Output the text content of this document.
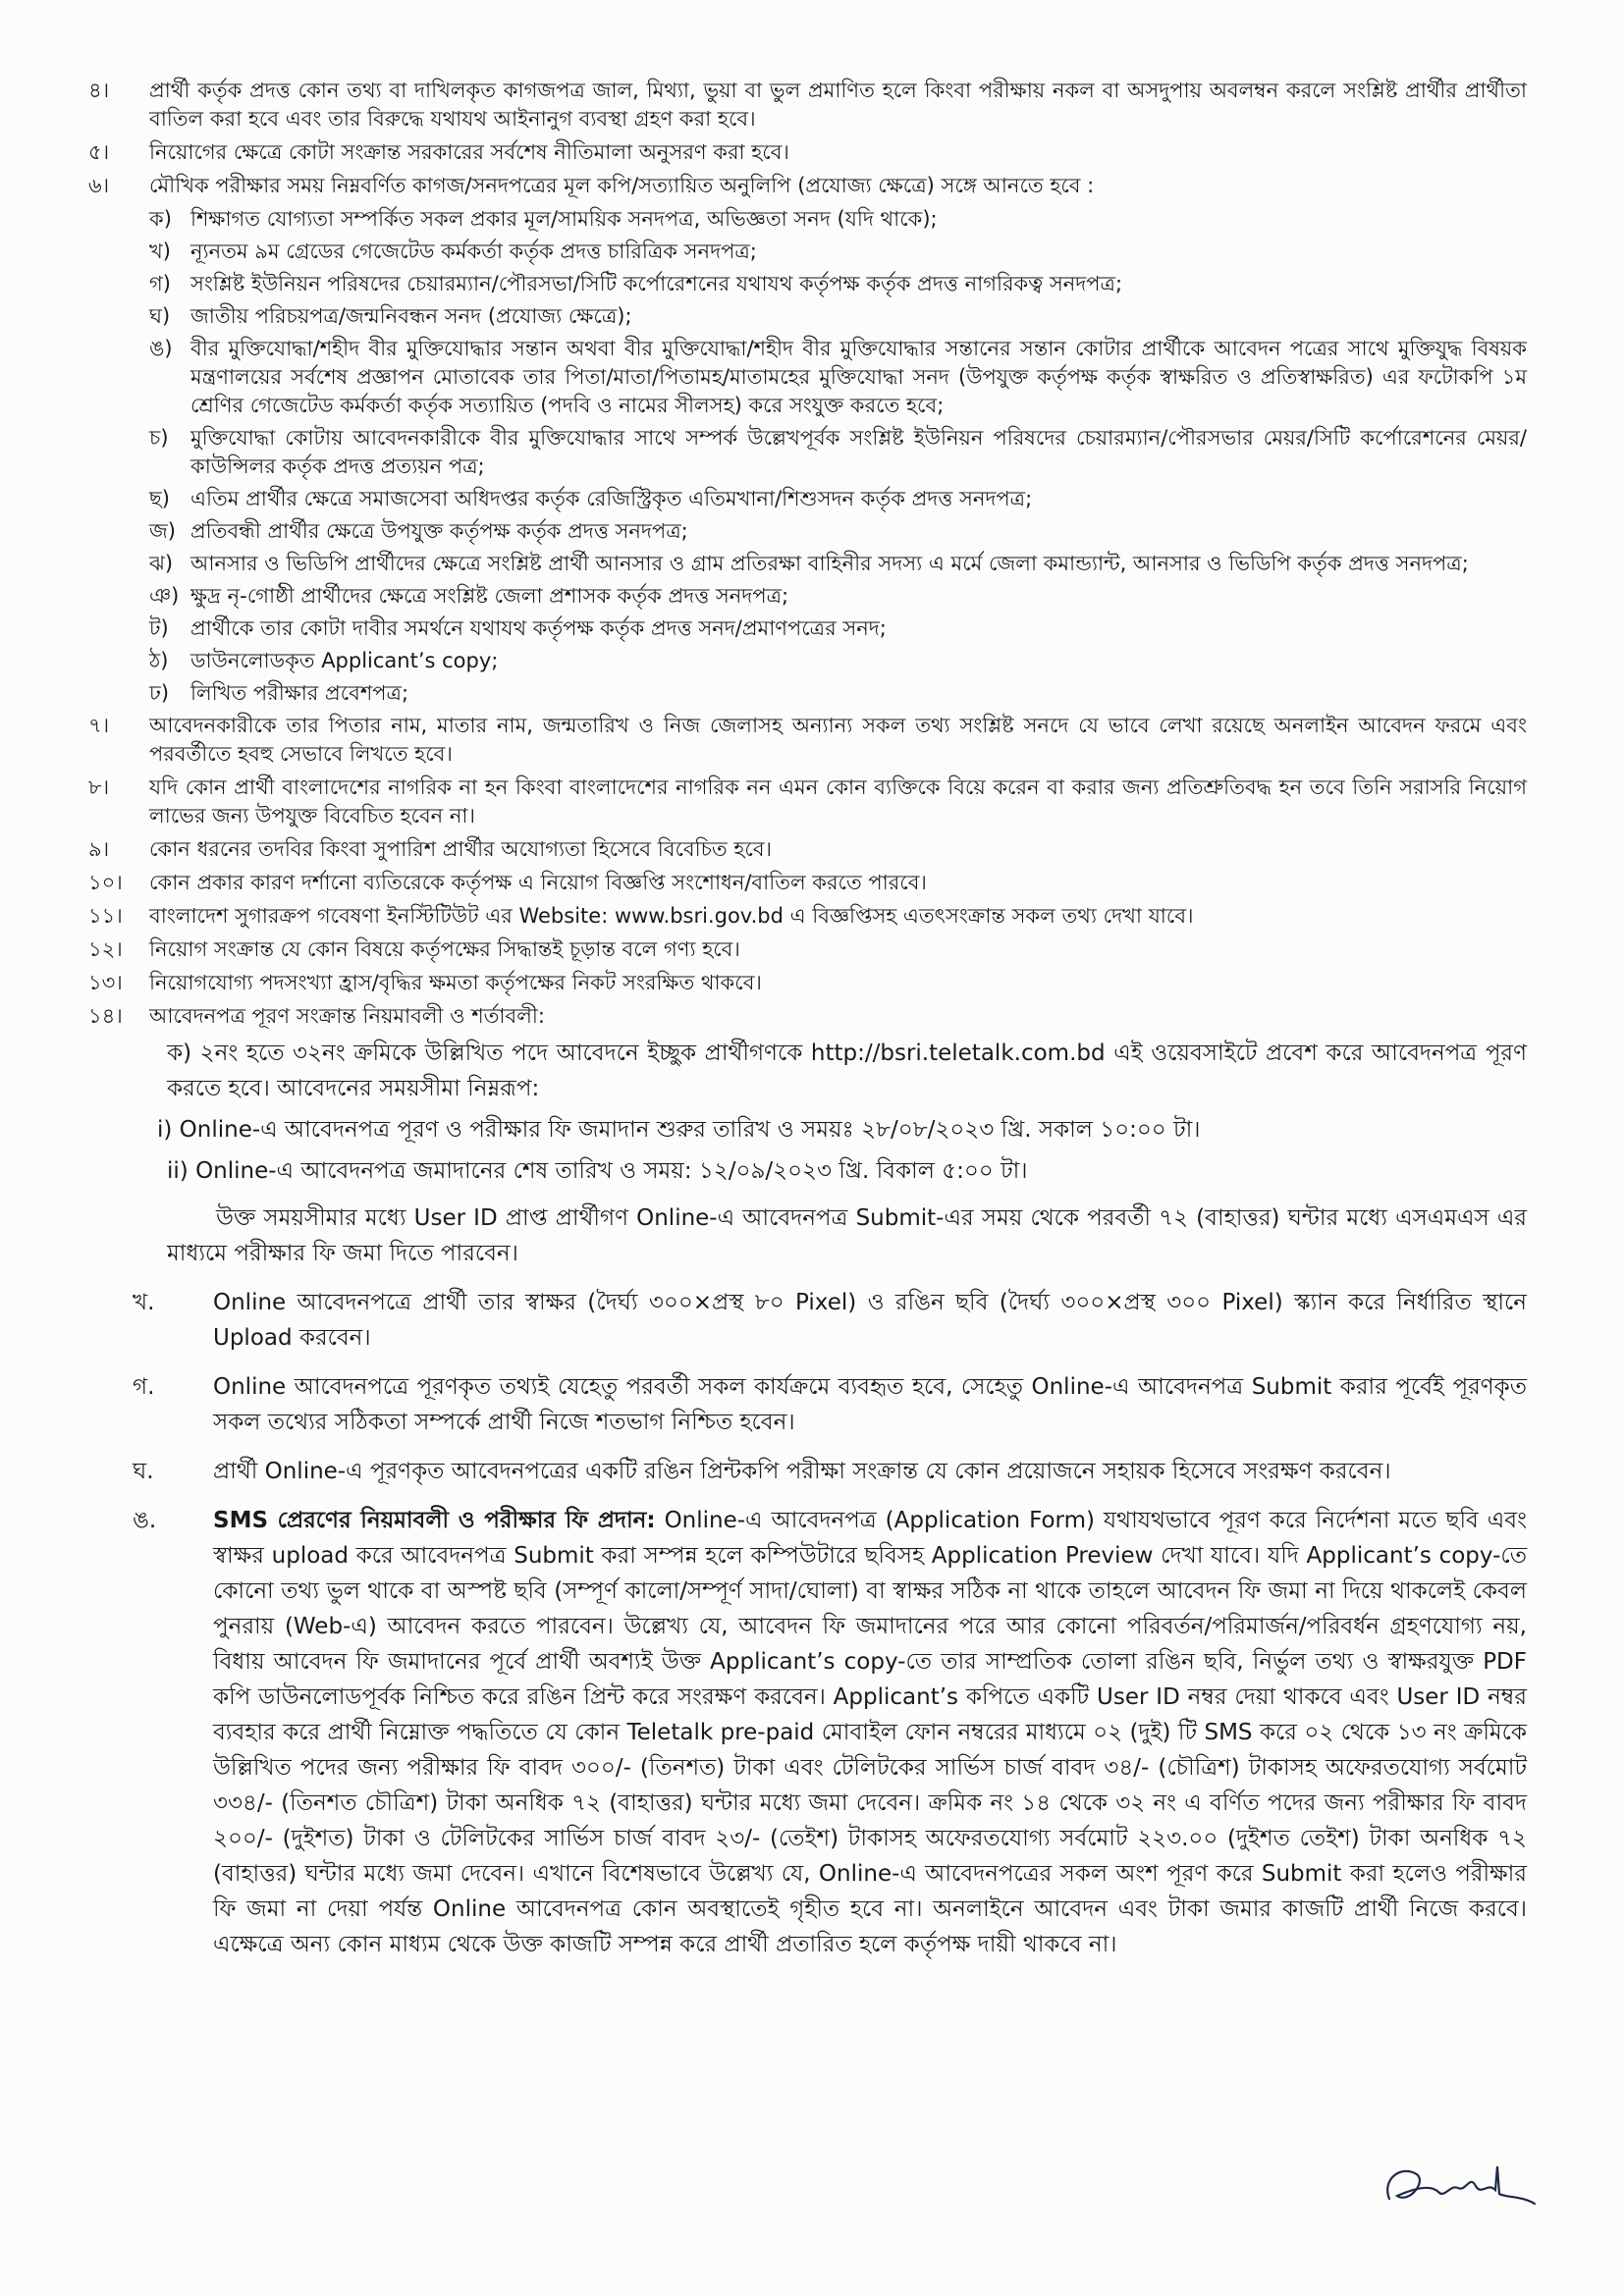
৪।	প্রার্থী কর্তৃক প্রদত্ত কোন তথ্য বা দাখিলকৃত কাগজপত্র জাল, মিথ্যা, ভুয়া বা ভুল প্রমাণিত হলে কিংবা পরীক্ষায় নকল বা অসদুপায় অবলম্বন করলে সংশ্লিষ্ট প্রার্থীর প্রার্থীতা বাতিল করা হবে এবং তার বিরুদ্ধে যথাযথ আইনানুগ ব্যবস্থা গ্রহণ করা হবে।
৫।	নিয়োগের ক্ষেত্রে কোটা সংক্রান্ত সরকারের সর্বশেষ নীতিমালা অনুসরণ করা হবে।
৬।	মৌখিক পরীক্ষার সময় নিম্নবর্ণিত কাগজ/সনদপত্রের মূল কপি/সত্যায়িত অনুলিপি (প্রযোজ্য ক্ষেত্রে) সঙ্গে আনতে হবে :
ক) শিক্ষাগত যোগ্যতা সম্পর্কিত সকল প্রকার মূল/সাময়িক সনদপত্র, অভিজ্ঞতা সনদ (যদি থাকে);
খ) ন্যূনতম ৯ম গ্রেডের গেজেটেড কর্মকর্তা কর্তৃক প্রদত্ত চারিত্রিক সনদপত্র;
গ) সংশ্লিষ্ট ইউনিয়ন পরিষদের চেয়ারম্যান/পৌরসভা/সিটি কর্পোরেশনের যথাযথ কর্তৃপক্ষ কর্তৃক প্রদত্ত নাগরিকত্ব সনদপত্র;
ঘ) জাতীয় পরিচয়পত্র/জন্মনিবন্ধন সনদ (প্রযোজ্য ক্ষেত্রে);
ঙ) বীর মুক্তিযোদ্ধা/শহীদ বীর মুক্তিযোদ্ধার সন্তান অথবা বীর মুক্তিযোদ্ধা/শহীদ বীর মুক্তিযোদ্ধার সন্তানের সন্তান কোটার প্রার্থীকে আবেদন পত্রের সাথে মুক্তিযুদ্ধ বিষয়ক মন্ত্রণালয়ের সর্বশেষ প্রজ্ঞাপন মোতাবেক তার পিতা/মাতা/পিতামহ/মাতামহের মুক্তিযোদ্ধা সনদ (উপযুক্ত কর্তৃপক্ষ কর্তৃক স্বাক্ষরিত ও প্রতিস্বাক্ষরিত) এর ফটোকপি ১ম শ্রেণির গেজেটেড কর্মকর্তা কর্তৃক সত্যায়িত (পদবি ও নামের সীলসহ) করে সংযুক্ত করতে হবে;
চ)	মুক্তিযোদ্ধা কোটায় আবেদনকারীকে বীর মুক্তিযোদ্ধার সাথে সম্পর্ক উল্লেখপূর্বক সংশ্লিষ্ট ইউনিয়ন পরিষদের চেয়ারম্যান/পৌরসভার মেয়র/সিটি কর্পোরেশনের মেয়র/কাউন্সিলর কর্তৃক প্রদত্ত প্রত্যয়ন পত্র;
ছ)	এতিম প্রার্থীর ক্ষেত্রে সমাজসেবা অধিদপ্তর কর্তৃক রেজিস্ট্রিকৃত এতিমখানা/শিশুসদন কর্তৃক প্রদত্ত সনদপত্র;
জ) প্রতিবন্ধী প্রার্থীর ক্ষেত্রে উপযুক্ত কর্তৃপক্ষ কর্তৃক প্রদত্ত সনদপত্র;
ঝ) আনসার ও ভিডিপি প্রার্থীদের ক্ষেত্রে সংশ্লিষ্ট প্রার্থী আনসার ও গ্রাম প্রতিরক্ষা বাহিনীর সদস্য এ মর্মে জেলা কমান্ড্যান্ট, আনসার ও ভিডিপি কর্তৃক প্রদত্ত সনদপত্র;
ঞ) ক্ষুদ্র নৃ-গোষ্ঠী প্রার্থীদের ক্ষেত্রে সংশ্লিষ্ট জেলা প্রশাসক কর্তৃক প্রদত্ত সনদপত্র;
ট)	প্রার্থীকে তার কোটা দাবীর সমর্থনে যথাযথ কর্তৃপক্ষ কর্তৃক প্রদত্ত সনদ/প্রমাণপত্রের সনদ;
ঠ)	ডাউনলোডকৃত Applicant’s copy;
ঢ)	লিখিত পরীক্ষার প্রবেশপত্র;
৭।	আবেদনকারীকে তার পিতার নাম, মাতার নাম, জন্মতারিখ ও নিজ জেলাসহ অন্যান্য সকল তথ্য সংশ্লিষ্ট সনদে যে ভাবে লেখা রয়েছে অনলাইন আবেদন ফরমে এবং পরবর্তীতে হবহু সেভাবে লিখতে হবে।
৮।	যদি কোন প্রার্থী বাংলাদেশের নাগরিক না হন কিংবা বাংলাদেশের নাগরিক নন এমন কোন ব্যক্তিকে বিয়ে করেন বা করার জন্য প্রতিশ্রুতিবদ্ধ হন তবে তিনি সরাসরি নিয়োগ লাভের জন্য উপযুক্ত বিবেচিত হবেন না।
৯।	কোন ধরনের তদবির কিংবা সুপারিশ প্রার্থীর অযোগ্যতা হিসেবে বিবেচিত হবে।
১০।	কোন প্রকার কারণ দর্শানো ব্যতিরেকে কর্তৃপক্ষ এ নিয়োগ বিজ্ঞপ্তি সংশোধন/বাতিল করতে পারবে।
১১।	বাংলাদেশ সুগারক্রপ গবেষণা ইনস্টিটিউট এর Website: www.bsri.gov.bd এ বিজ্ঞপ্তিসহ এতৎসংক্রান্ত সকল তথ্য দেখা যাবে।
১২।	নিয়োগ সংক্রান্ত যে কোন বিষয়ে কর্তৃপক্ষের সিদ্ধান্তই চূড়ান্ত বলে গণ্য হবে।
১৩।	নিয়োগযোগ্য পদসংখ্যা হ্রাস/বৃদ্ধির ক্ষমতা কর্তৃপক্ষের নিকট সংরক্ষিত থাকবে।
১৪।	আবেদনপত্র পূরণ সংক্রান্ত নিয়মাবলী ও শর্তাবলী:
ক) ২নং হতে ৩২নং ক্রমিকে উল্লিখিত পদে আবেদনে ইচ্ছুক প্রার্থীগণকে http://bsri.teletalk.com.bd এই ওয়েবসাইটে প্রবেশ করে আবেদনপত্র পূরণ করতে হবে। আবেদনের সময়সীমা নিম্নরূপ:
i) Online-এ আবেদনপত্র পূরণ ও পরীক্ষার ফি জমাদান শুরুর তারিখ ও সময়ঃ ২৮/০৮/২০২৩ খ্রি. সকাল ১০:০০ টা।
ii) Online-এ আবেদনপত্র জমাদানের শেষ তারিখ ও সময়: ১২/০৯/২০২৩ খ্রি. বিকাল ৫:০০ টা।
উক্ত সময়সীমার মধ্যে User ID প্রাপ্ত প্রার্থীগণ Online-এ আবেদনপত্র Submit-এর সময় থেকে পরবর্তী ৭২ (বাহাত্তর) ঘন্টার মধ্যে এসএমএস এর মাধ্যমে পরীক্ষার ফি জমা দিতে পারবেন।
খ.	Online আবেদনপত্রে প্রার্থী তার স্বাক্ষর (দৈর্ঘ্য ৩০০×প্রস্থ ৮০ Pixel) ও রঙিন ছবি (দৈর্ঘ্য ৩০০×প্রস্থ ৩০০ Pixel) স্ক্যান করে নির্ধারিত স্থানে Upload করবেন।
গ.	Online আবেদনপত্রে পূরণকৃত তথ্যই যেহেতু পরবর্তী সকল কার্যক্রমে ব্যবহৃত হবে, সেহেতু Online-এ আবেদনপত্র Submit করার পূর্বেই পূরণকৃত সকল তথ্যের সঠিকতা সম্পর্কে প্রার্থী নিজে শতভাগ নিশ্চিত হবেন।
ঘ.	প্রার্থী Online-এ পূরণকৃত আবেদনপত্রের একটি রঙিন প্রিন্টকপি পরীক্ষা সংক্রান্ত যে কোন প্রয়োজনে সহায়ক হিসেবে সংরক্ষণ করবেন।
ঙ.	SMS প্রেরণের নিয়মাবলী ও পরীক্ষার ফি প্রদান: Online-এ আবেদনপত্র (Application Form) যথাযথভাবে পূরণ করে নির্দেশনা মতে ছবি এবং স্বাক্ষর upload করে আবেদনপত্র Submit করা সম্পন্ন হলে কম্পিউটারে ছবিসহ Application Preview দেখা যাবে। যদি Applicant’s copy-তে কোনো তথ্য ভুল থাকে বা অস্পষ্ট ছবি (সম্পূর্ণ কালো/সম্পূর্ণ সাদা/ঘোলা) বা স্বাক্ষর সঠিক না থাকে তাহলে আবেদন ফি জমা না দিয়ে থাকলেই কেবল পুনরায় (Web-এ) আবেদন করতে পারবেন। উল্লেখ্য যে, আবেদন ফি জমাদানের পরে আর কোনো পরিবর্তন/পরিমার্জন/পরিবর্ধন গ্রহণযোগ্য নয়, বিধায় আবেদন ফি জমাদানের পূর্বে প্রার্থী অবশ্যই উক্ত Applicant’s copy-তে তার সাম্প্রতিক তোলা রঙিন ছবি, নির্ভুল তথ্য ও স্বাক্ষরযুক্ত PDF কপি ডাউনলোডপূর্বক নিশ্চিত করে রঙিন প্রিন্ট করে সংরক্ষণ করবেন। Applicant’s কপিতে একটি User ID নম্বর দেয়া থাকবে এবং User ID নম্বর ব্যবহার করে প্রার্থী নিম্নোক্ত পদ্ধতিতে যে কোন Teletalk pre-paid মোবাইল ফোন নম্বরের মাধ্যমে ০২ (দুই) টি SMS করে ০২ থেকে ১৩ নং ক্রমিকে উল্লিখিত পদের জন্য পরীক্ষার ফি বাবদ ৩০০/- (তিনশত) টাকা এবং টেলিটকের সার্ভিস চার্জ বাবদ ৩৪/- (চৌত্রিশ) টাকাসহ অফেরতযোগ্য সর্বমোট ৩৩৪/- (তিনশত চৌত্রিশ) টাকা অনধিক ৭২ (বাহাত্তর) ঘন্টার মধ্যে জমা দেবেন। ক্রমিক নং ১৪ থেকে ৩২ নং এ বর্ণিত পদের জন্য পরীক্ষার ফি বাবদ ২০০/- (দুইশত) টাকা ও টেলিটকের সার্ভিস চার্জ বাবদ ২৩/- (তেইশ) টাকাসহ অফেরতযোগ্য সর্বমোট ২২৩.০০ (দুইশত তেইশ) টাকা অনধিক ৭২ (বাহাত্তর) ঘন্টার মধ্যে জমা দেবেন। এখানে বিশেষভাবে উল্লেখ্য যে, Online-এ আবেদনপত্রের সকল অংশ পূরণ করে Submit করা হলেও পরীক্ষার ফি জমা না দেয়া পর্যন্ত Online আবেদনপত্র কোন অবস্থাতেই গৃহীত হবে না। অনলাইনে আবেদন এবং টাকা জমার কাজটি প্রার্থী নিজে করবে। এক্ষেত্রে অন্য কোন মাধ্যম থেকে উক্ত কাজটি সম্পন্ন করে প্রার্থী প্রতারিত হলে কর্তৃপক্ষ দায়ী থাকবে না।
